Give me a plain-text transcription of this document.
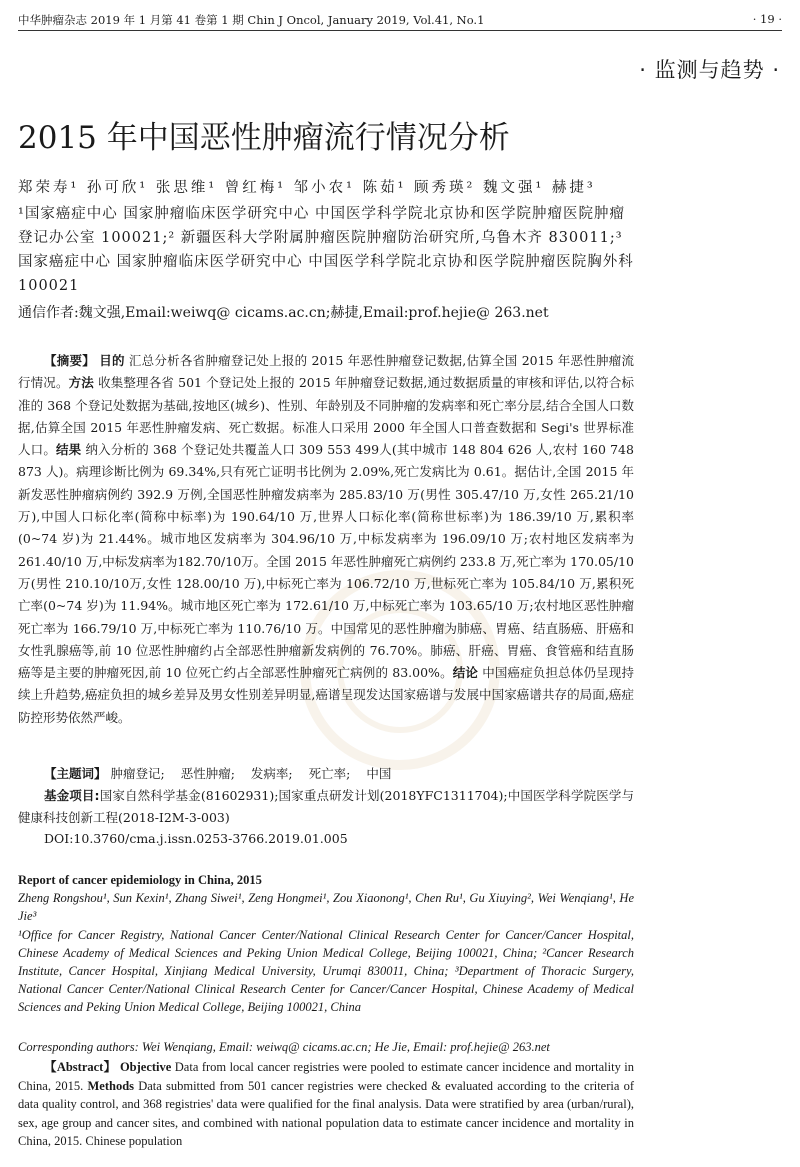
中华肿瘤杂志 2019 年 1 月第 41 卷第 1 期 Chin J Oncol, January 2019, Vol.41, No.1	· 19 ·
· 监测与趋势 ·
2015 年中国恶性肿瘤流行情况分析
郑荣寿¹ 孙可欣¹ 张思维¹ 曾红梅¹ 邹小农¹ 陈茹¹ 顾秀瑛² 魏文强¹ 赫捷³
¹国家癌症中心 国家肿瘤临床医学研究中心 中国医学科学院北京协和医学院肿瘤医院肿瘤登记办公室 100021;² 新疆医科大学附属肿瘤医院肿瘤防治研究所,乌鲁木齐 830011;³ 国家癌症中心 国家肿瘤临床医学研究中心 中国医学科学院北京协和医学院肿瘤医院胸外科 100021
通信作者:魏文强,Email:weiwq@ cicams.ac.cn;赫捷,Email:prof.hejie@ 263.net
【摘要】 目的 汇总分析各省肿瘤登记处上报的 2015 年恶性肿瘤登记数据,估算全国 2015 年恶性肿瘤流行情况。方法 收集整理各省 501 个登记处上报的 2015 年肿瘤登记数据,通过数据质量的审核和评估,以符合标准的 368 个登记处数据为基础,按地区(城乡)、性别、年龄别及不同肿瘤的发病率和死亡率分层,结合全国人口数据,估算全国 2015 年恶性肿瘤发病、死亡数据。标准人口采用 2000 年全国人口普查数据和 Segi's 世界标准人口。结果 纳入分析的 368 个登记处共覆盖人口 309 553 499人(其中城市 148 804 626 人,农村 160 748 873 人)。病理诊断比例为 69.34%,只有死亡证明书比例为 2.09%,死亡发病比为 0.61。据估计,全国 2015 年新发恶性肿瘤病例约 392.9 万例,全国恶性肿瘤发病率为 285.83/10 万(男性 305.47/10 万,女性 265.21/10 万),中国人口标化率(简称中标率)为 190.64/10 万,世界人口标化率(简称世标率)为 186.39/10 万,累积率(0~74 岁)为 21.44%。城市地区发病率为 304.96/10 万,中标发病率为 196.09/10 万;农村地区发病率为 261.40/10 万,中标发病率为182.70/10万。全国 2015 年恶性肿瘤死亡病例约 233.8 万,死亡率为 170.05/10 万(男性 210.10/10万,女性 128.00/10 万),中标死亡率为 106.72/10 万,世标死亡率为 105.84/10 万,累积死亡率(0~74 岁)为 11.94%。城市地区死亡率为 172.61/10 万,中标死亡率为 103.65/10 万;农村地区恶性肿瘤死亡率为 166.79/10 万,中标死亡率为 110.76/10 万。中国常见的恶性肿瘤为肺癌、胃癌、结直肠癌、肝癌和女性乳腺癌等,前 10 位恶性肿瘤约占全部恶性肿瘤新发病例的 76.70%。肺癌、肝癌、胃癌、食管癌和结直肠癌等是主要的肿瘤死因,前 10 位死亡约占全部恶性肿瘤死亡病例的 83.00%。结论 中国癌症负担总体仍呈现持续上升趋势,癌症负担的城乡差异及男女性别差异明显,癌谱呈现发达国家癌谱与发展中国家癌谱共存的局面,癌症防控形势依然严峻。
【主题词】 肿瘤登记; 恶性肿瘤; 发病率; 死亡率; 中国
基金项目:国家自然科学基金(81602931);国家重点研发计划(2018YFC1311704);中国医学科学院医学与健康科技创新工程(2018-I2M-3-003)
DOI:10.3760/cma.j.issn.0253-3766.2019.01.005
Report of cancer epidemiology in China, 2015
Zheng Rongshou¹, Sun Kexin¹, Zhang Siwei¹, Zeng Hongmei¹, Zou Xiaonong¹, Chen Ru¹, Gu Xiuying², Wei Wenqiang¹, He Jie³
¹Office for Cancer Registry, National Cancer Center/National Clinical Research Center for Cancer/Cancer Hospital, Chinese Academy of Medical Sciences and Peking Union Medical College, Beijing 100021, China; ²Cancer Research Institute, Cancer Hospital, Xinjiang Medical University, Urumqi 830011, China; ³Department of Thoracic Surgery, National Cancer Center/National Clinical Research Center for Cancer/Cancer Hospital, Chinese Academy of Medical Sciences and Peking Union Medical College, Beijing 100021, China
Corresponding authors: Wei Wenqiang, Email: weiwq@ cicams.ac.cn; He Jie, Email: prof.hejie@ 263.net
【Abstract】 Objective Data from local cancer registries were pooled to estimate cancer incidence and mortality in China, 2015. Methods Data submitted from 501 cancer registries were checked & evaluated according to the criteria of data quality control, and 368 registries' data were qualified for the final analysis. Data were stratified by area (urban/rural), sex, age group and cancer sites, and combined with national population data to estimate cancer incidence and mortality in China, 2015. Chinese population
